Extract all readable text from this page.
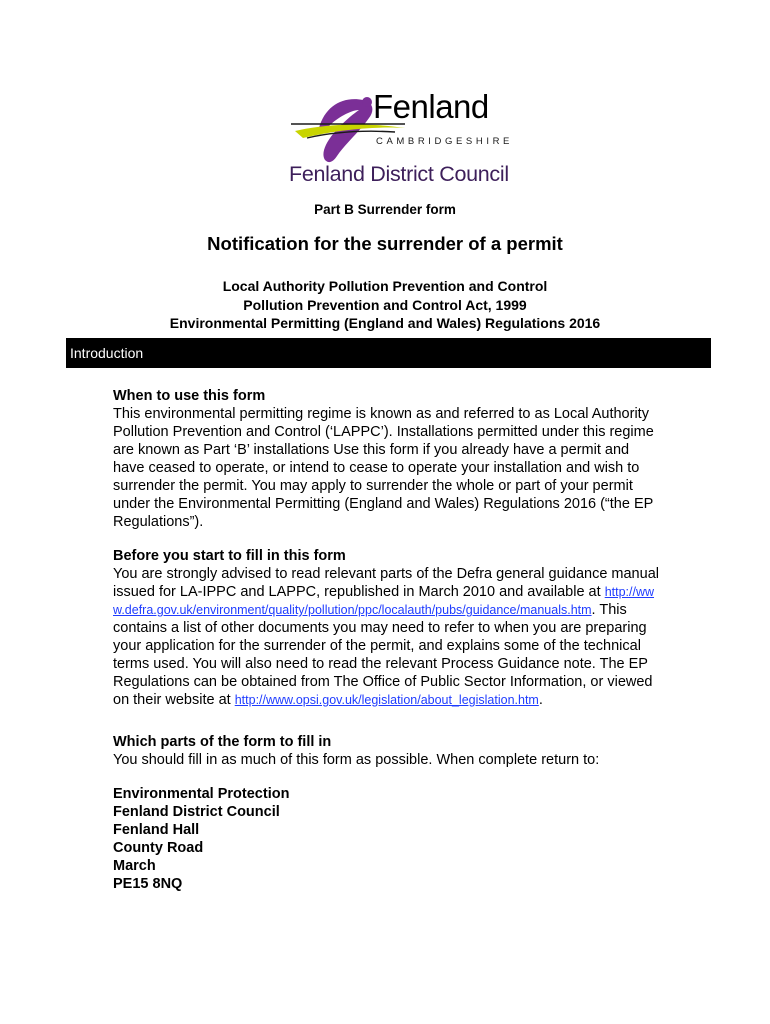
Fenland
CAMBRIDGESHIRE
Fenland District Council
Part B Surrender form
Notification for the surrender of a permit
Local Authority Pollution Prevention and Control
Pollution Prevention and Control Act, 1999
Environmental Permitting (England and Wales) Regulations 2016
Introduction
When to use this form

This environmental permitting regime is known as and referred to as Local Authority Pollution Prevention and Control (‘LAPPC’). Installations permitted under this regime are known as Part ‘B’ installations Use this form if you already have a permit and have ceased to operate, or intend to cease to operate your installation and wish to surrender the permit. You may apply to surrender the whole or part of your permit under the Environmental Permitting (England and Wales) Regulations 2016 (“the EP Regulations”).

Before you start to fill in this form

You are strongly advised to read relevant parts of the Defra general guidance manual issued for LA-IPPC and LAPPC, republished in March 2010 and available at http://www.defra.gov.uk/environment/quality/pollution/ppc/localauth/pubs/guidance/manuals.htm. This contains a list of other documents you may need to refer to when you are preparing your application for the surrender of the permit, and explains some of the technical terms used. You will also need to read the relevant Process Guidance note. The EP Regulations can be obtained from The Office of Public Sector Information, or viewed on their website at http://www.opsi.gov.uk/legislation/about_legislation.htm.

Which parts of the form to fill in

You should fill in as much of this form as possible. When complete return to:

Environmental Protection
Fenland District Council
Fenland Hall
County Road
March
PE15 8NQ
